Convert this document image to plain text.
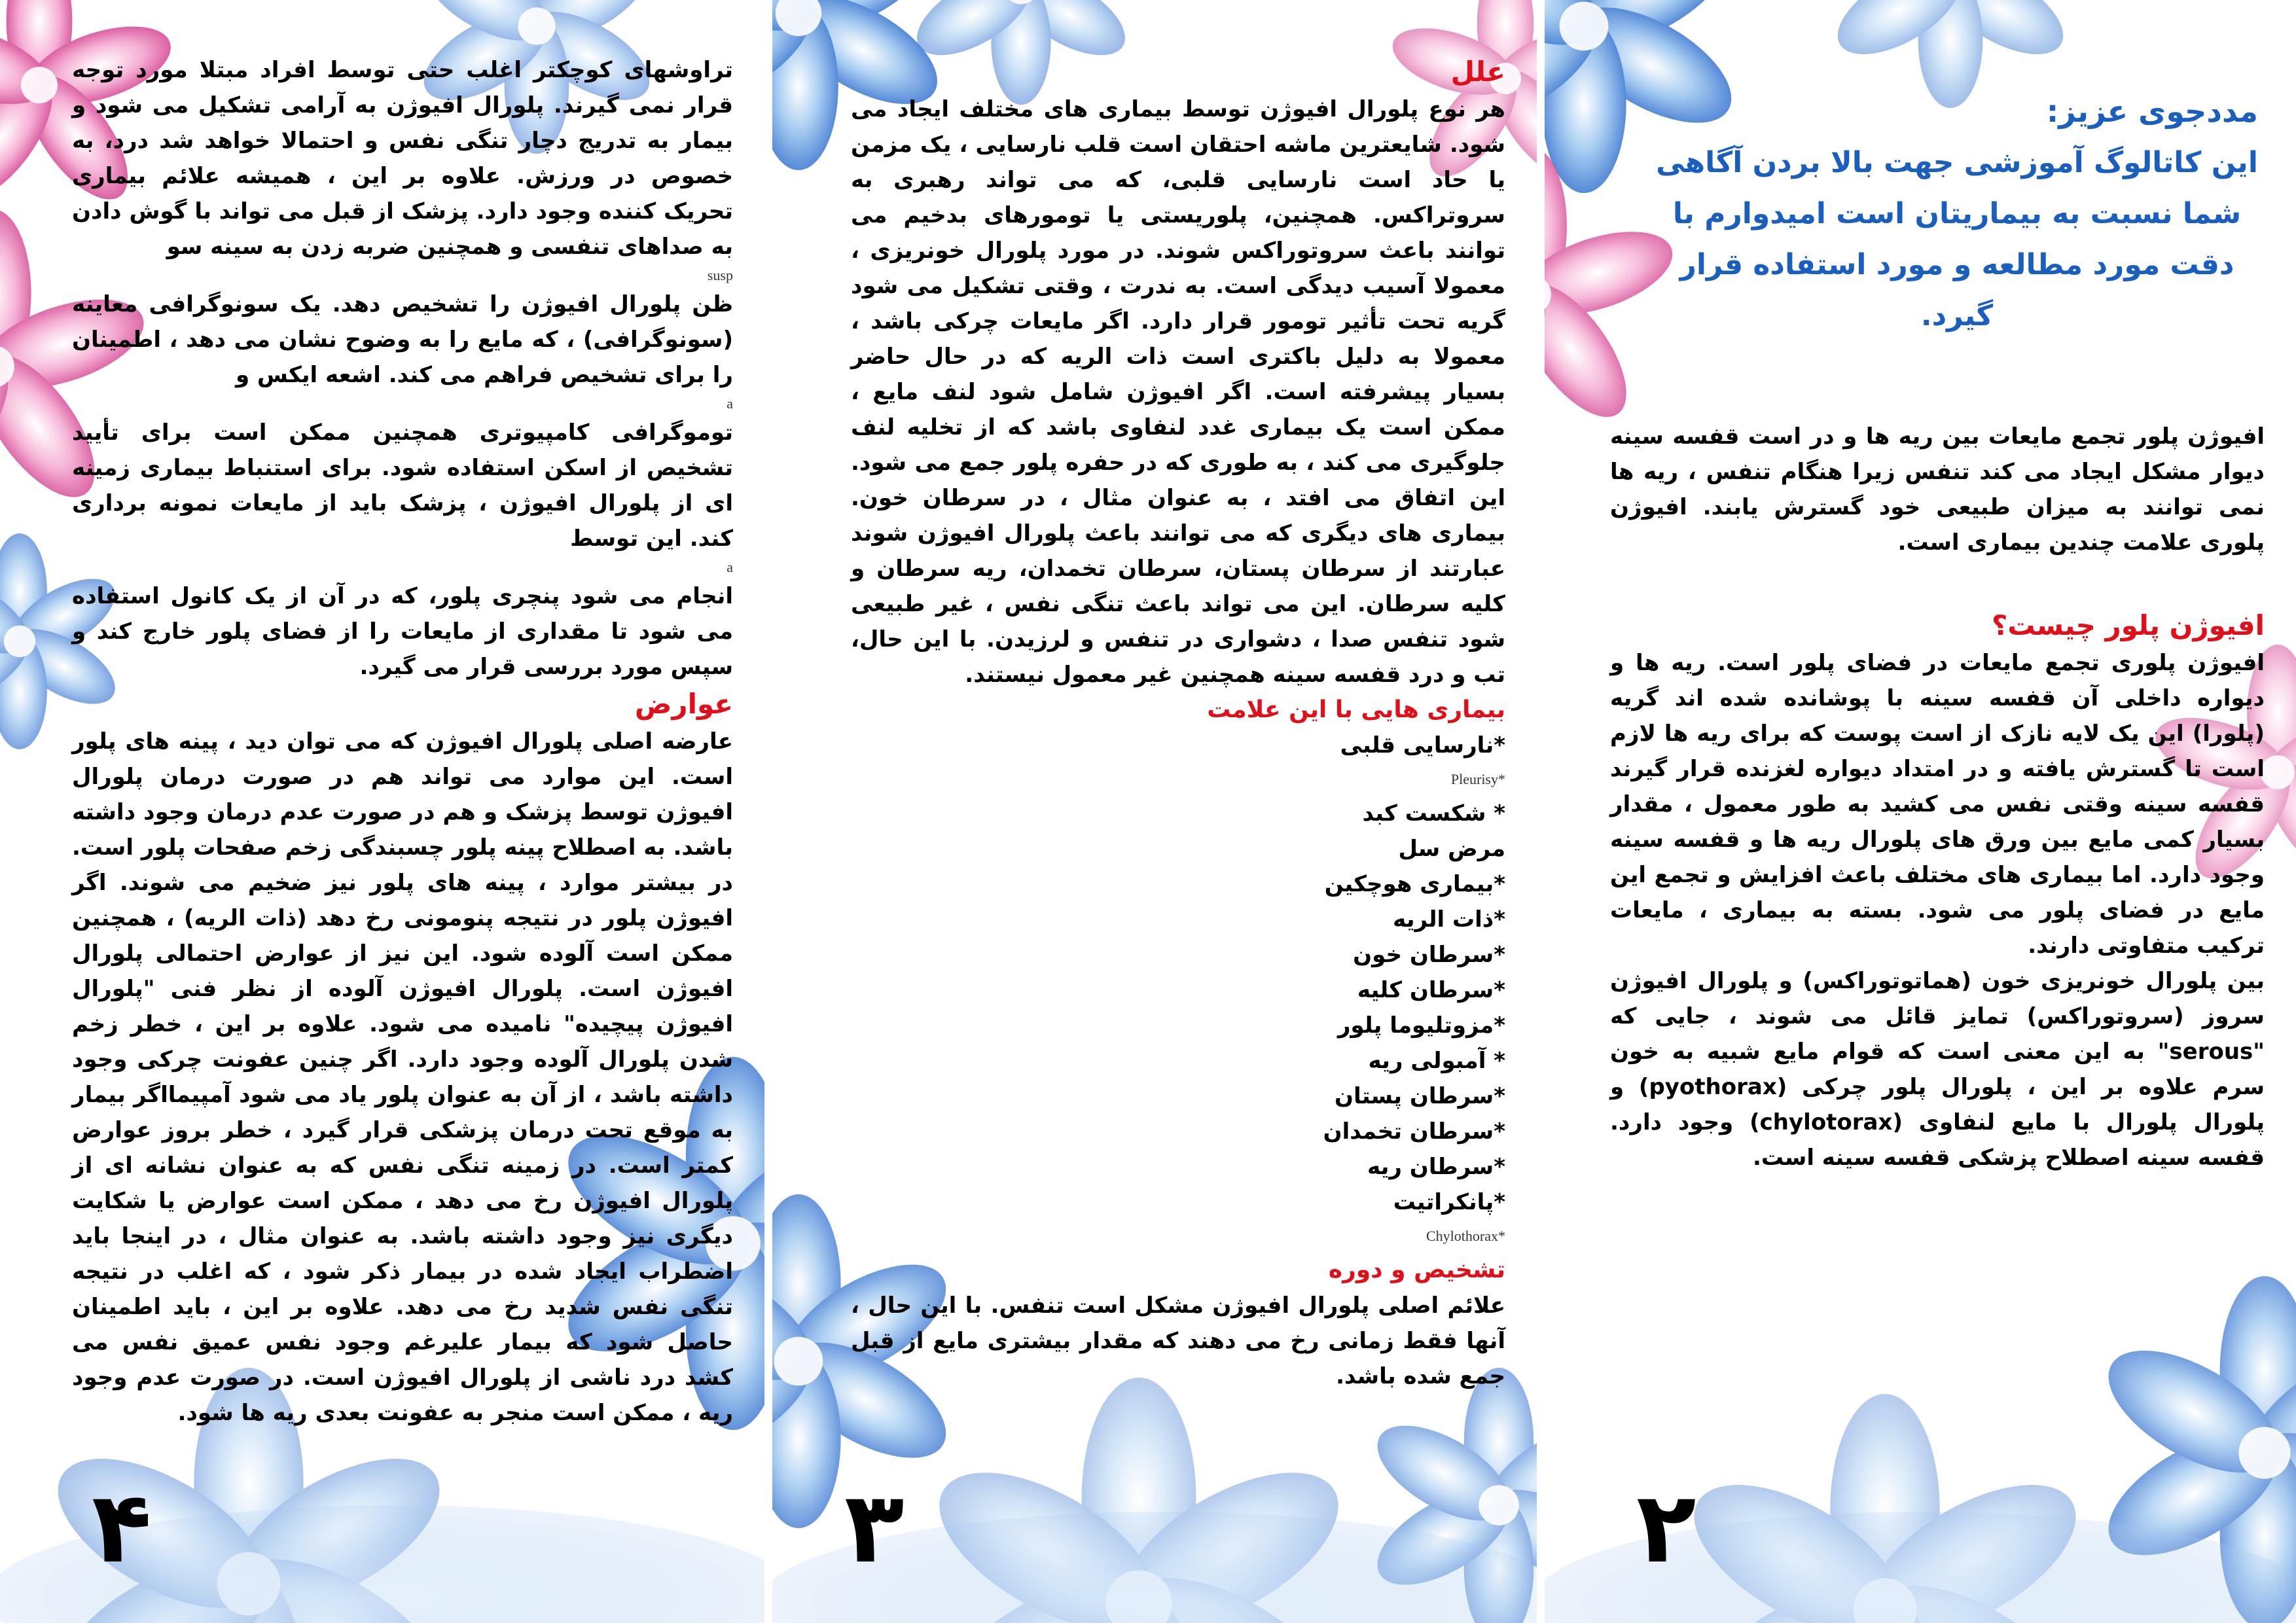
تراوشهای کوچکتر اغلب حتی توسط افراد مبتلا مورد توجه قرار نمی گیرند. پلورال افیوژن به آرامی تشکیل می شود و بیمار به تدریج دچار تنگی نفس و احتمالا خواهد شد درد، به خصوص در ورزش. علاوه بر این ، همیشه علائم بیماری تحریک کننده وجود دارد. پزشک از قبل می تواند با گوش دادن به صداهای تنفسی و همچنین ضربه زدن به سینه سو

susp

ظن پلورال افیوژن را تشخیص دهد. یک سونوگرافی معاینه (سونوگرافی) ، که مایع را به وضوح نشان می دهد ، اطمینان را برای تشخیص فراهم می کند. اشعه ایکس و

a

توموگرافی کامپیوتری همچنین ممکن است برای تأیید تشخیص از اسکن استفاده شود. برای استنباط بیماری زمینه ای از پلورال افیوژن ، پزشک باید از مایعات نمونه برداری کند. این توسط

a

انجام می شود پنچری پلور، که در آن از یک کانول استفاده می شود تا مقداری از مایعات را از فضای پلور خارج کند و سپس مورد بررسی قرار می گیرد.

عوارض

عارضه اصلی پلورال افیوژن که می توان دید ، پینه های پلور است. این موارد می تواند هم در صورت درمان پلورال افیوژن توسط پزشک و هم در صورت عدم درمان وجود داشته باشد. به اصطلاح پینه پلور چسبندگی زخم صفحات پلور است. در بیشتر موارد ، پینه های پلور نیز ضخیم می شوند. اگر افیوژن پلور در نتیجه پنومونی رخ دهد (ذات الریه) ، همچنین ممکن است آلوده شود. این نیز از عوارض احتمالی پلورال افیوژن است. پلورال افیوژن آلوده از نظر فنی "پلورال افیوژن پیچیده" نامیده می شود. علاوه بر این ، خطر زخم شدن پلورال آلوده وجود دارد. اگر چنین عفونت چرکی وجود داشته باشد ، از آن به عنوان پلور یاد می شود آمپیمااگر بیمار به موقع تحت درمان پزشکی قرار گیرد ، خطر بروز عوارض کمتر است. در زمینه تنگی نفس که به عنوان نشانه ای از پلورال افیوژن رخ می دهد ، ممکن است عوارض یا شکایت دیگری نیز وجود داشته باشد. به عنوان مثال ، در اینجا باید اضطراب ایجاد شده در بیمار ذکر شود ، که اغلب در نتیجه تنگی نفس شدید رخ می دهد. علاوه بر این ، باید اطمینان حاصل شود که بیمار علیرغم وجود نفس عمیق نفس می کشد درد ناشی از پلورال افیوژن است. در صورت عدم وجود ریه ، ممکن است منجر به عفونت بعدی ریه ها شود.

۴
علل

هر نوع پلورال افیوژن توسط بیماری های مختلف ایجاد می شود. شایعترین ماشه احتقان است قلب نارسایی ، یک مزمن یا حاد است نارسایی قلبی، که می تواند رهبری به سروتراکس. همچنین، پلوریستی یا تومورهای بدخیم می توانند باعث سروتوراکس شوند. در مورد پلورال خونریزی ، معمولا آسیب دیدگی است. به ندرت ، وقتی تشکیل می شود گریه تحت تأثیر تومور قرار دارد. اگر مایعات چرکی باشد ، معمولا به دلیل باکتری است ذات الریه که در حال حاضر بسیار پیشرفته است. اگر افیوژن شامل شود لنف مایع ، ممکن است یک بیماری غدد لنفاوی باشد که از تخلیه لنف جلوگیری می کند ، به طوری که در حفره پلور جمع می شود. این اتفاق می افتد ، به عنوان مثال ، در سرطان خون. بیماری های دیگری که می توانند باعث پلورال افیوژن شوند عبارتند از سرطان پستان، سرطان تخمدان، ریه سرطان و کلیه سرطان. این می تواند باعث تنگی نفس ، غیر طبیعی شود تنفس صدا ، دشواری در تنفس و لرزیدن. با این حال، تب و درد قفسه سینه همچنین غیر معمول نیستند.

بیماری هایی با این علامت
*نارسایی قلبی
Pleurisy*
* شکست کبد
مرض سل
*بیماری هوچکین
*ذات الریه
*سرطان خون
*سرطان کلیه
*مزوتلیوما پلور
* آمبولی ریه
*سرطان پستان
*سرطان تخمدان
*سرطان ریه
*پانکراتیت
Chylothorax*
تشخیص و دوره

علائم اصلی پلورال افیوژن مشکل است تنفس. با این حال ، آنها فقط زمانی رخ می دهند که مقدار بیشتری مایع از قبل جمع شده باشد.

۳
مددجوی عزیز:
این کاتالوگ آموزشی جهت بالا بردن آگاهی شما نسبت به بیماریتان است امیدوارم با دقت مورد مطالعه و مورد استفاده قرار گیرد.

افیوژن پلور تجمع مایعات بین ریه ها و در است قفسه سینه دیوار مشکل ایجاد می کند تنفس زیرا هنگام تنفس ، ریه ها نمی توانند به میزان طبیعی خود گسترش یابند. افیوژن پلوری علامت چندین بیماری است.

افیوژن پلور چیست؟

افیوژن پلوری تجمع مایعات در فضای پلور است. ریه ها و دیواره داخلی آن قفسه سینه با پوشانده شده اند گریه (پلورا) این یک لایه نازک از است پوست که برای ریه ها لازم است تا گسترش یافته و در امتداد دیواره لغزنده قرار گیرند قفسه سینه وقتی نفس می کشید به طور معمول ، مقدار بسیار کمی مایع بین ورق های پلورال ریه ها و قفسه سینه وجود دارد. اما بیماری های مختلف باعث افزایش و تجمع این مایع در فضای پلور می شود. بسته به بیماری ، مایعات ترکیب متفاوتی دارند.

بین پلورال خونریزی خون (هماتوتوراکس) و پلورال افیوژن سروز (سروتوراکس) تمایز قائل می شوند ، جایی که "serous" به این معنی است که قوام مایع شبیه به خون سرم علاوه بر این ، پلورال پلور چرکی (pyothorax) و پلورال پلورال با مایع لنفاوی (chylotorax) وجود دارد. قفسه سینه اصطلاح پزشکی قفسه سینه است.

۲
